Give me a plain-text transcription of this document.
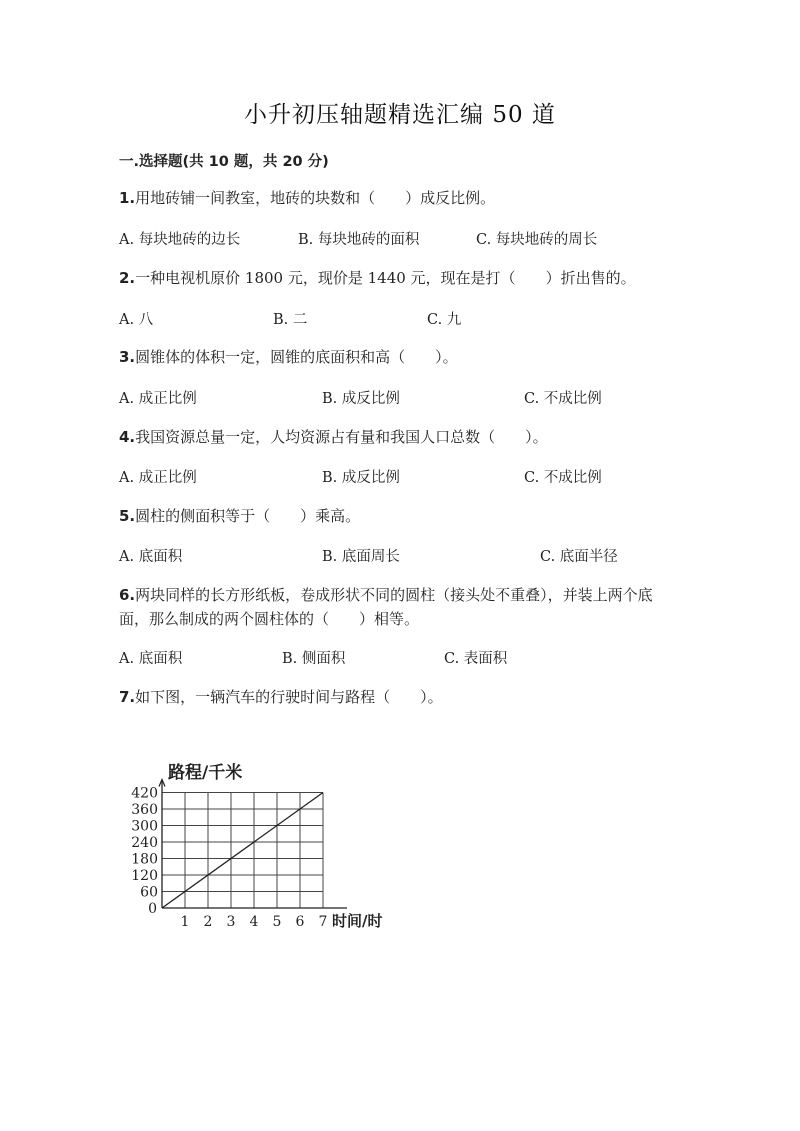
小升初压轴题精选汇编 50 道
一.选择题(共 10 题，共 20 分)
1.用地砖铺一间教室，地砖的块数和（　　）成反比例。
A. 每块地砖的边长	B. 每块地砖的面积	C. 每块地砖的周长
2.一种电视机原价 1800 元，现价是 1440 元，现在是打（　　）折出售的。
A. 八	B. 二	C. 九
3.圆锥体的体积一定，圆锥的底面积和高（　　）。
A. 成正比例	B. 成反比例	C. 不成比例
4.我国资源总量一定，人均资源占有量和我国人口总数（　　）。
A. 成正比例	B. 成反比例	C. 不成比例
5.圆柱的侧面积等于（　　）乘高。
A. 底面积	B. 底面周长	C. 底面半径
6.两块同样的长方形纸板，卷成形状不同的圆柱（接头处不重叠），并装上两个底面，那么制成的两个圆柱体的（　　）相等。
A. 底面积	B. 侧面积	C. 表面积
7.如下图，一辆汽车的行驶时间与路程（　　）。
60
120
180
240
300
360
420
0
1 2 3 4 5 6 7
路程/千米
时间/时
